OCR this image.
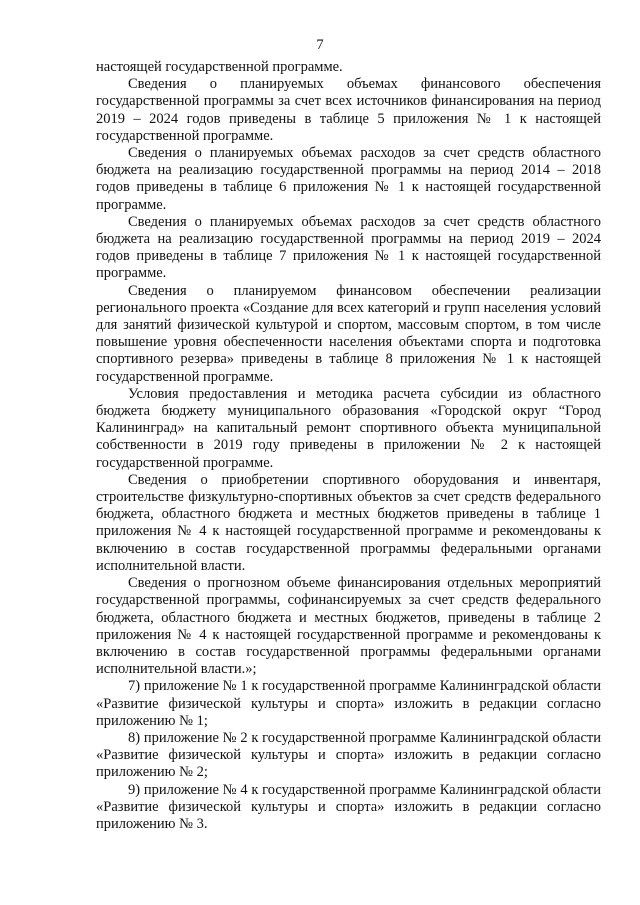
7

настоящей государственной программе.

Сведения о планируемых объемах финансового обеспечения государственной программы за счет всех источников финансирования на период 2019 – 2024 годов приведены в таблице 5 приложения № 1 к настоящей государственной программе.

Сведения о планируемых объемах расходов за счет средств областного бюджета на реализацию государственной программы на период 2014 – 2018 годов приведены в таблице 6 приложения № 1 к настоящей государственной программе.

Сведения о планируемых объемах расходов за счет средств областного бюджета на реализацию государственной программы на период 2019 – 2024 годов приведены в таблице 7 приложения № 1 к настоящей государственной программе.

Сведения о планируемом финансовом обеспечении реализации регионального проекта «Создание для всех категорий и групп населения условий для занятий физической культурой и спортом, массовым спортом, в том числе повышение уровня обеспеченности населения объектами спорта и подготовка спортивного резерва» приведены в таблице 8 приложения № 1 к настоящей государственной программе.

Условия предоставления и методика расчета субсидии из областного бюджета бюджету муниципального образования «Городской округ “Город Калининград» на капитальный ремонт спортивного объекта муниципальной собственности в 2019 году приведены в приложении № 2 к настоящей государственной программе.

Сведения о приобретении спортивного оборудования и инвентаря, строительстве физкультурно-спортивных объектов за счет средств федерального бюджета, областного бюджета и местных бюджетов приведены в таблице 1 приложения № 4 к настоящей государственной программе и рекомендованы к включению в состав государственной программы федеральными органами исполнительной власти.

Сведения о прогнозном объеме финансирования отдельных мероприятий государственной программы, софинансируемых за счет средств федерального бюджета, областного бюджета и местных бюджетов, приведены в таблице 2 приложения № 4 к настоящей государственной программе и рекомендованы к включению в состав государственной программы федеральными органами исполнительной власти.»;

7) приложение № 1 к государственной программе Калининградской области «Развитие физической культуры и спорта» изложить в редакции согласно приложению № 1;

8) приложение № 2 к государственной программе Калининградской области «Развитие физической культуры и спорта» изложить в редакции согласно приложению № 2;

9) приложение № 4 к государственной программе Калининградской области «Развитие физической культуры и спорта» изложить в редакции согласно приложению № 3.
